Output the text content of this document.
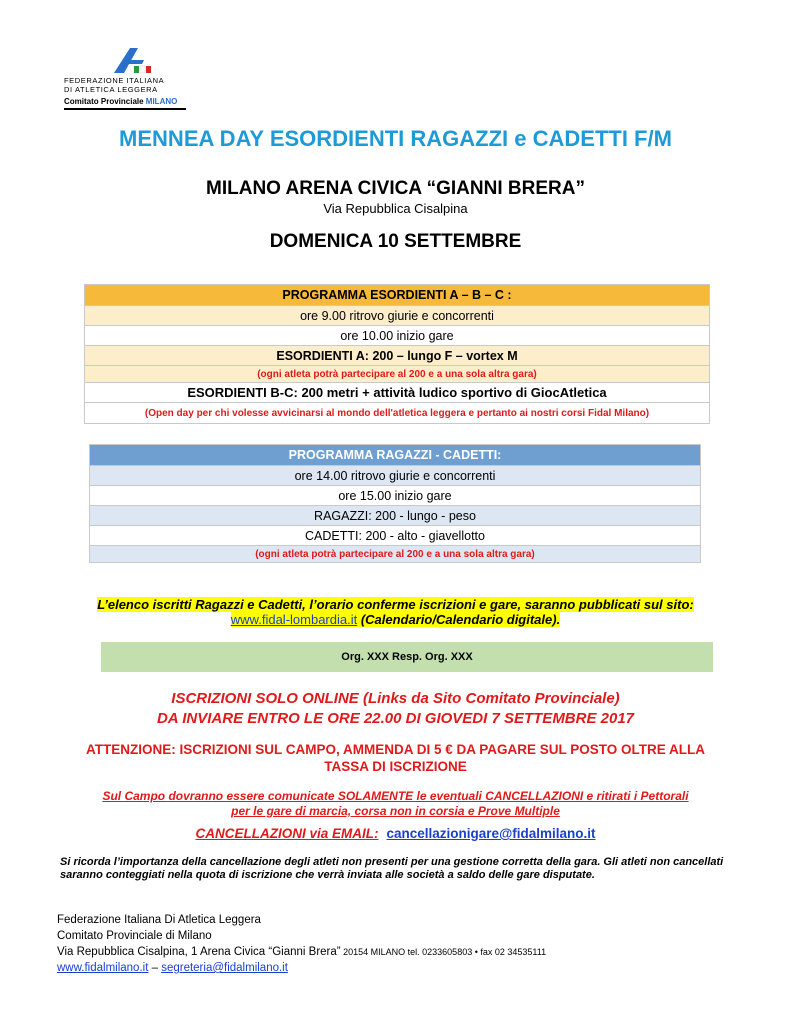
FEDERAZIONE ITALIANA
DI ATLETICA LEGGERA
Comitato Provinciale MILANO
MENNEA DAY ESORDIENTI RAGAZZI e CADETTI F/M
MILANO ARENA CIVICA “GIANNI BRERA”
Via Repubblica Cisalpina
DOMENICA 10 SETTEMBRE
PROGRAMMA ESORDIENTI A – B – C :
ore 9.00 ritrovo giurie e concorrenti
ore 10.00 inizio gare
ESORDIENTI A: 200 – lungo F – vortex M
(ogni atleta potrà partecipare al 200 e a una sola altra gara)
ESORDIENTI B-C: 200 metri + attività ludico sportivo di GiocAtletica
(Open day per chi volesse avvicinarsi al mondo dell'atletica leggera e pertanto ai nostri corsi Fidal Milano)
PROGRAMMA RAGAZZI - CADETTI:
ore 14.00 ritrovo giurie e concorrenti
ore 15.00 inizio gare
RAGAZZI: 200 - lungo - peso
CADETTI: 200 - alto - giavellotto
(ogni atleta potrà partecipare al 200 e a una sola altra gara)
L’elenco iscritti Ragazzi e Cadetti, l’orario conferme iscrizioni e gare, saranno pubblicati sul sito:
www.fidal-lombardia.it (Calendario/Calendario digitale).
Org. XXX Resp. Org. XXX
ISCRIZIONI SOLO ONLINE (Links da Sito Comitato Provinciale)
DA INVIARE ENTRO LE ORE 22.00 DI GIOVEDI 7 SETTEMBRE 2017
ATTENZIONE: ISCRIZIONI SUL CAMPO, AMMENDA DI 5 € DA PAGARE SUL POSTO OLTRE ALLA
TASSA DI ISCRIZIONE
Sul Campo dovranno essere comunicate SOLAMENTE le eventuali CANCELLAZIONI e ritirati i Pettorali
per le gare di marcia, corsa non in corsia e Prove Multiple
CANCELLAZIONI via EMAIL: cancellazionigare@fidalmilano.it
Si ricorda l’importanza della cancellazione degli atleti non presenti per una gestione corretta della gara. Gli atleti non cancellati saranno conteggiati nella quota di iscrizione che verrà inviata alle società a saldo delle gare disputate.
Federazione Italiana Di Atletica Leggera
Comitato Provinciale di Milano
Via Repubblica Cisalpina, 1 Arena Civica “Gianni Brera” 20154 MILANO tel. 0233605803 • fax 02 34535111
www.fidalmilano.it – segreteria@fidalmilano.it
